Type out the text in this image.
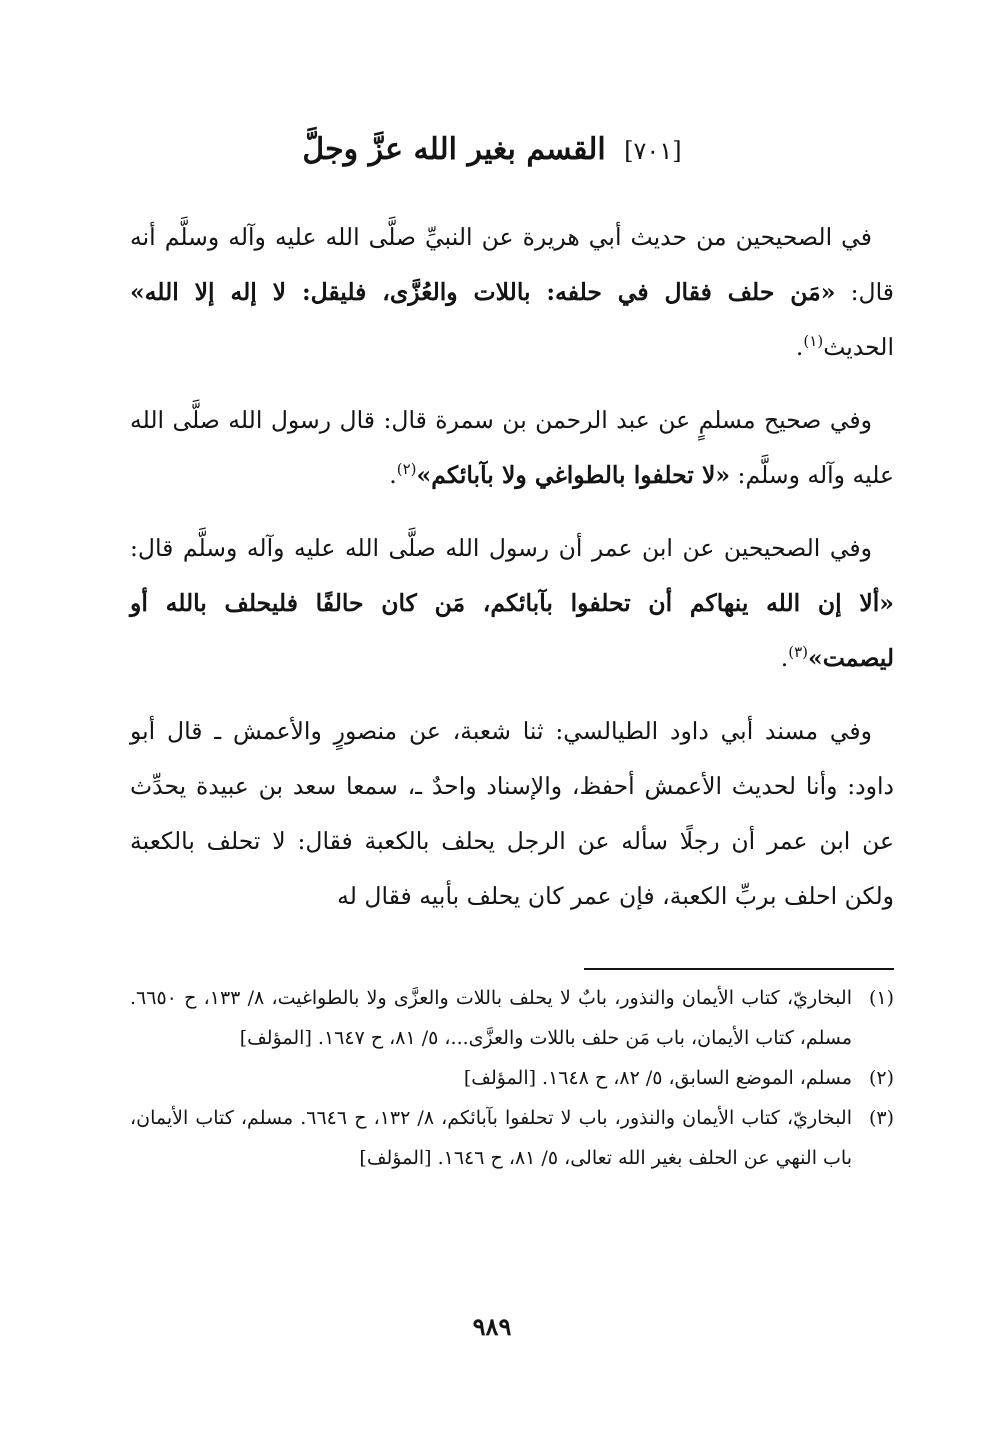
[٧٠١] القسم بغير الله عزَّ وجلَّ

في الصحيحين من حديث أبي هريرة عن النبيِّ صلَّى الله عليه وآله وسلَّم أنه قال: «مَن حلف فقال في حلفه: باللات والعُزَّى، فليقل: لا إله إلا الله» الحديث$^{(١)}$.

وفي صحيح مسلمٍ عن عبد الرحمن بن سمرة قال: قال رسول الله صلَّى الله عليه وآله وسلَّم: «لا تحلفوا بالطواغي ولا بآبائكم»$^{(٢)}$.

وفي الصحيحين عن ابن عمر أن رسول الله صلَّى الله عليه وآله وسلَّم قال: «ألا إن الله ينهاكم أن تحلفوا بآبائكم، مَن كان حالفًا فليحلف بالله أو ليصمت»$^{(٣)}$.

وفي مسند أبي داود الطيالسي: ثنا شعبة، عن منصورٍ والأعمش ـ قال أبو داود: وأنا لحديث الأعمش أحفظ، والإسناد واحدٌ ـ، سمعا سعد بن عبيدة يحدِّث عن ابن عمر أن رجلًا سأله عن الرجل يحلف بالكعبة فقال: لا تحلف بالكعبة ولكن احلف بربِّ الكعبة، فإن عمر كان يحلف بأبيه فقال له

(١)
البخاريّ، كتاب الأيمان والنذور، بابٌ لا يحلف باللات والعزَّى ولا بالطواغيت، ٨/ ١٣٣، ح ٦٦٥٠. مسلم، كتاب الأيمان، باب مَن حلف باللات والعزَّى...، ٥/ ٨١، ح ١٦٤٧. [المؤلف]
(٢)
مسلم، الموضع السابق، ٥/ ٨٢، ح ١٦٤٨. [المؤلف]
(٣)
البخاريّ، كتاب الأيمان والنذور، باب لا تحلفوا بآبائكم، ٨/ ١٣٢، ح ٦٦٤٦. مسلم، كتاب الأيمان، باب النهي عن الحلف بغير الله تعالى، ٥/ ٨١، ح ١٦٤٦. [المؤلف]
٩٨٩
